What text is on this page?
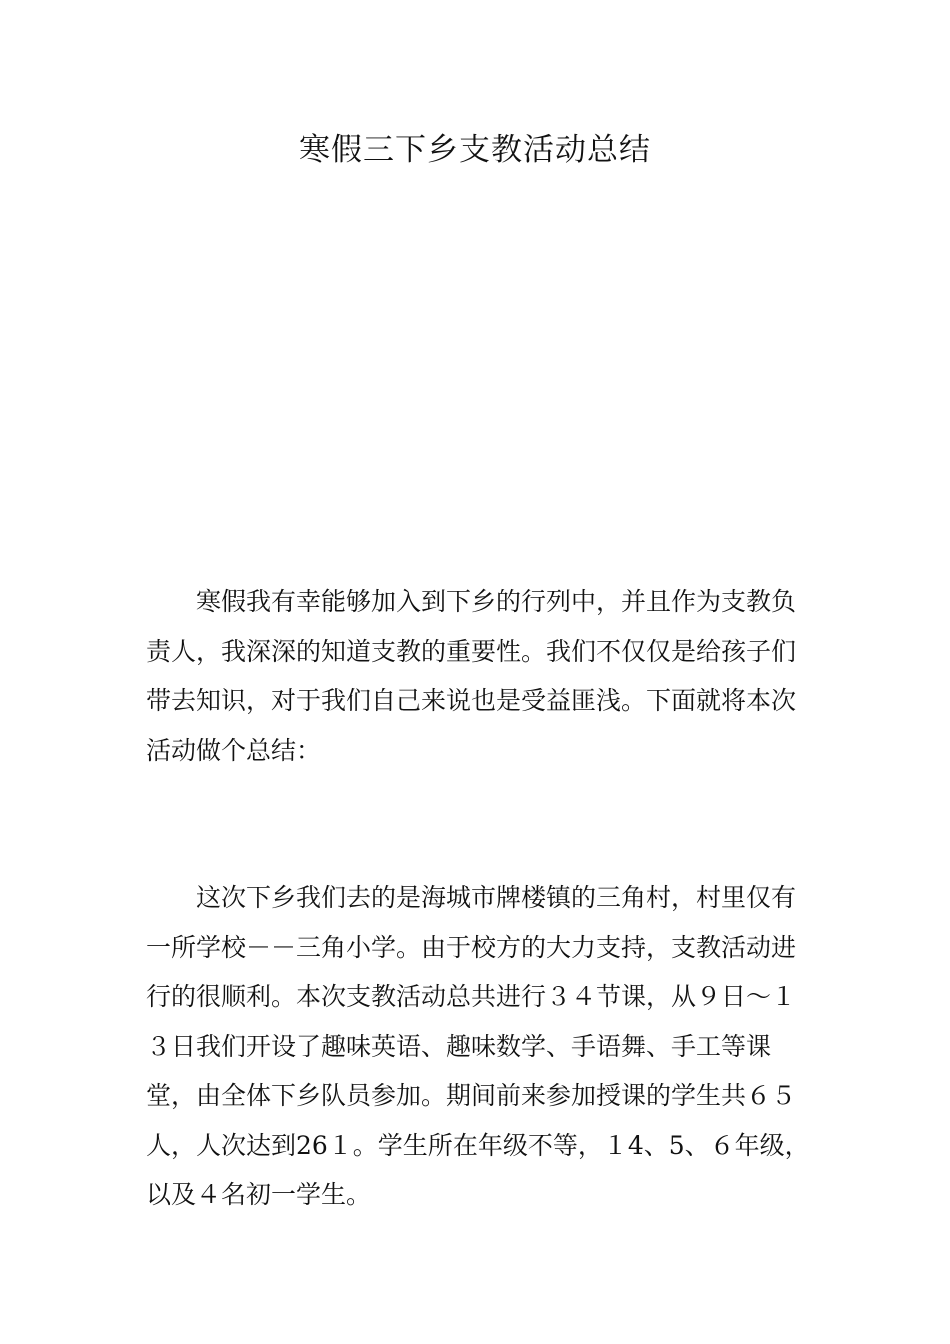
寒假三下乡支教活动总结

寒假我有幸能够加入到下乡的行列中，并且作为支教负责人，我深深的知道支教的重要性。我们不仅仅是给孩子们带去知识，对于我们自己来说也是受益匪浅。下面就将本次活动做个总结：

这次下乡我们去的是海城市牌楼镇的三角村，村里仅有一所学校－－三角小学。由于校方的大力支持，支教活动进行的很顺利。本次支教活动总共进行３４节课，从９日～１３日我们开设了趣味英语、趣味数学、手语舞、手工等课堂，由全体下乡队员参加。期间前来参加授课的学生共６５人，人次达到26１。学生所在年级不等，１4、5、６年级，以及４名初一学生。
